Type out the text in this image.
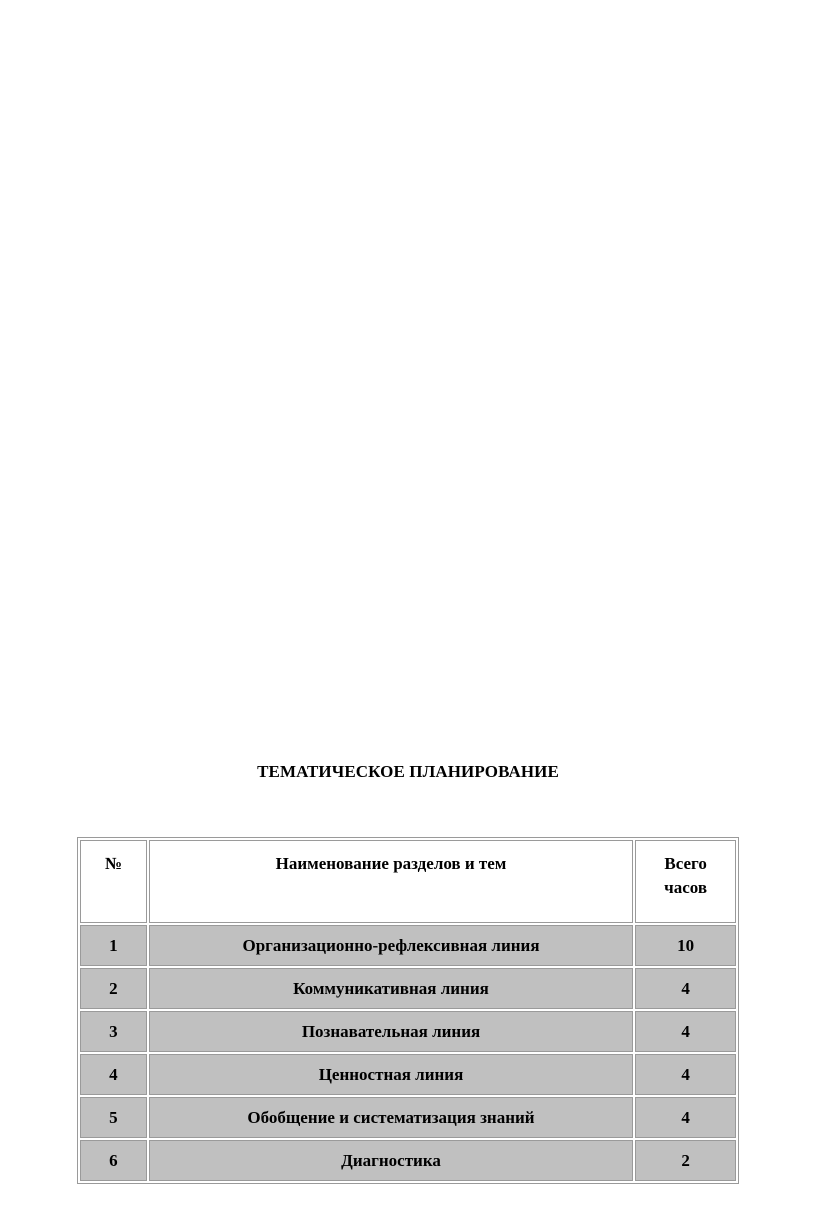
ТЕМАТИЧЕСКОЕ ПЛАНИРОВАНИЕ
№	Наименование разделов и тем	Всего
часов

1	Организационно-рефлексивная линия	10
2	Коммуникативная линия	4
3	Познавательная линия	4
4	Ценностная линия	4
5	Обобщение и систематизация знаний	4
6	Диагностика	2
